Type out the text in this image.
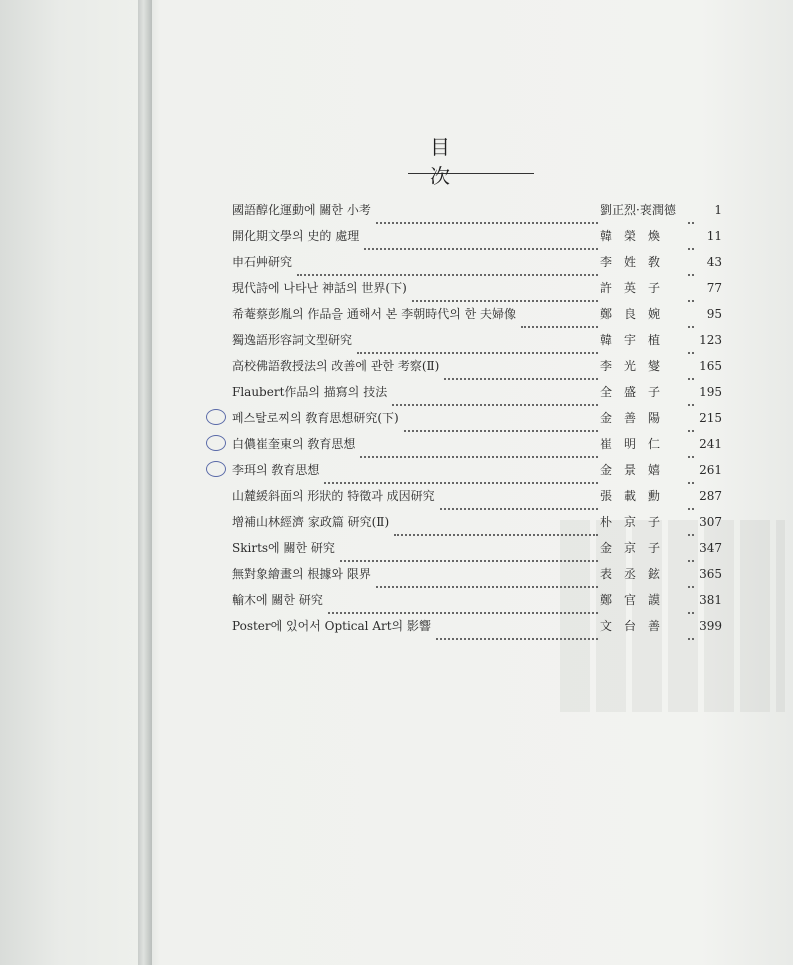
目　　次
國語醇化運動에 關한 小考	劉正烈·裵潤德	1
開化期文學의 史的 處理	韓　榮　煥	11
申石艸研究	李　姓　敎	43
現代詩에 나타난 神話의 世界(下)	許　英　子	77
希菴蔡彭胤의 作品을 通해서 본 李朝時代의 한 夫婦像	鄭　良　婉	95
獨逸語形容詞文型研究	韓　宇　植	123
高校佛語敎授法의 改善에 관한 考察(Ⅱ)	李　光　燮	165
Flaubert作品의 描寫의 技法	全　盛　子	195
페스탈로찌의 敎育思想研究(下)	金　善　陽	215
白儂崔奎東의 敎育思想	崔　明　仁	241
李珥의 敎育思想	金　景　嬉	261
山麓緩斜面의 形狀的 特徵과 成因研究	張　載　勳	287
增補山林經濟 家政篇 研究(Ⅱ)	朴　京　子	307
Skirts에 關한 研究	金　京　子	347
無對象繪畫의 根據와 限界	表　丞　鉉	365
輸木에 關한 研究	鄭　官　謨	381
Poster에 있어서 Optical Art의 影響	文　台　善	399
